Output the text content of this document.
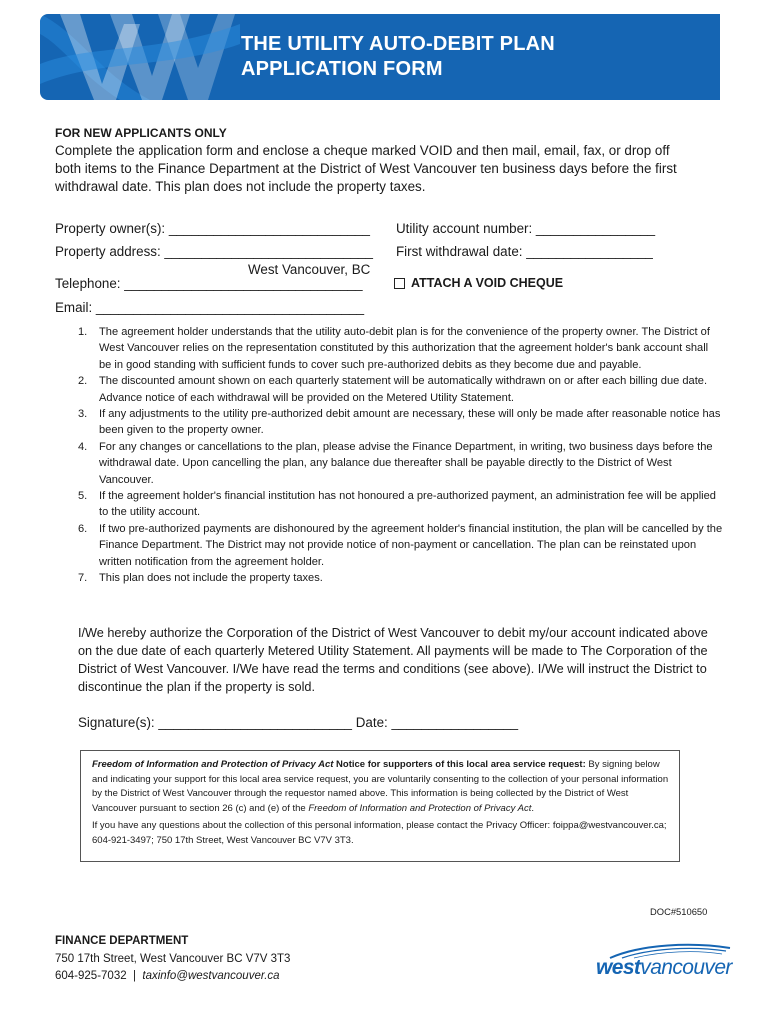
THE UTILITY AUTO-DEBIT PLAN
APPLICATION FORM
FOR NEW APPLICANTS ONLY

Complete the application form and enclose a cheque marked VOID and then mail, email, fax, or drop off both items to the Finance Department at the District of West Vancouver ten business days before the first withdrawal date. This plan does not include the property taxes.

Property owner(s): ___________________________ Utility account number: ________________
Property address: ____________________________ First withdrawal date: _________________
West Vancouver, BC
Telephone: ________________________________	ATTACH A VOID CHEQUE
Email: ____________________________________
1. The agreement holder understands that the utility auto-debit plan is for the convenience of the property owner. The District of West Vancouver relies on the representation constituted by this authorization that the agreement holder's bank account shall be in good standing with sufficient funds to cover such pre-authorized debits as they become due and payable.
2. The discounted amount shown on each quarterly statement will be automatically withdrawn on or after each billing due date. Advance notice of each withdrawal will be provided on the Metered Utility Statement.
3. If any adjustments to the utility pre-authorized debit amount are necessary, these will only be made after reasonable notice has been given to the property owner.
4. For any changes or cancellations to the plan, please advise the Finance Department, in writing, two business days before the withdrawal date. Upon cancelling the plan, any balance due thereafter shall be payable directly to the District of West Vancouver.
5. If the agreement holder's financial institution has not honoured a pre-authorized payment, an administration fee will be applied to the utility account.
6. If two pre-authorized payments are dishonoured by the agreement holder's financial institution, the plan will be cancelled by the Finance Department. The District may not provide notice of non-payment or cancellation. The plan can be reinstated upon written notification from the agreement holder.
7. This plan does not include the property taxes.

I/We hereby authorize the Corporation of the District of West Vancouver to debit my/our account indicated above on the due date of each quarterly Metered Utility Statement. All payments will be made to The Corporation of the District of West Vancouver. I/We have read the terms and conditions (see above). I/We will instruct the District to discontinue the plan if the property is sold.

Signature(s): __________________________ Date: _________________

Freedom of Information and Protection of Privacy Act Notice for supporters of this local area service request: By signing below and indicating your support for this local area service request, you are voluntarily consenting to the collection of your personal information by the District of West Vancouver through the requestor named above. This information is being collected by the District of West Vancouver pursuant to section 26 (c) and (e) of the Freedom of Information and Protection of Privacy Act.

If you have any questions about the collection of this personal information, please contact the Privacy Officer: foippa@westvancouver.ca; 604-921-3497; 750 17th Street, West Vancouver BC V7V 3T3.

DOC#510650
FINANCE DEPARTMENT
750 17th Street, West Vancouver BC V7V 3T3
604-925-7032 | taxinfo@westvancouver.ca	westvancouver
